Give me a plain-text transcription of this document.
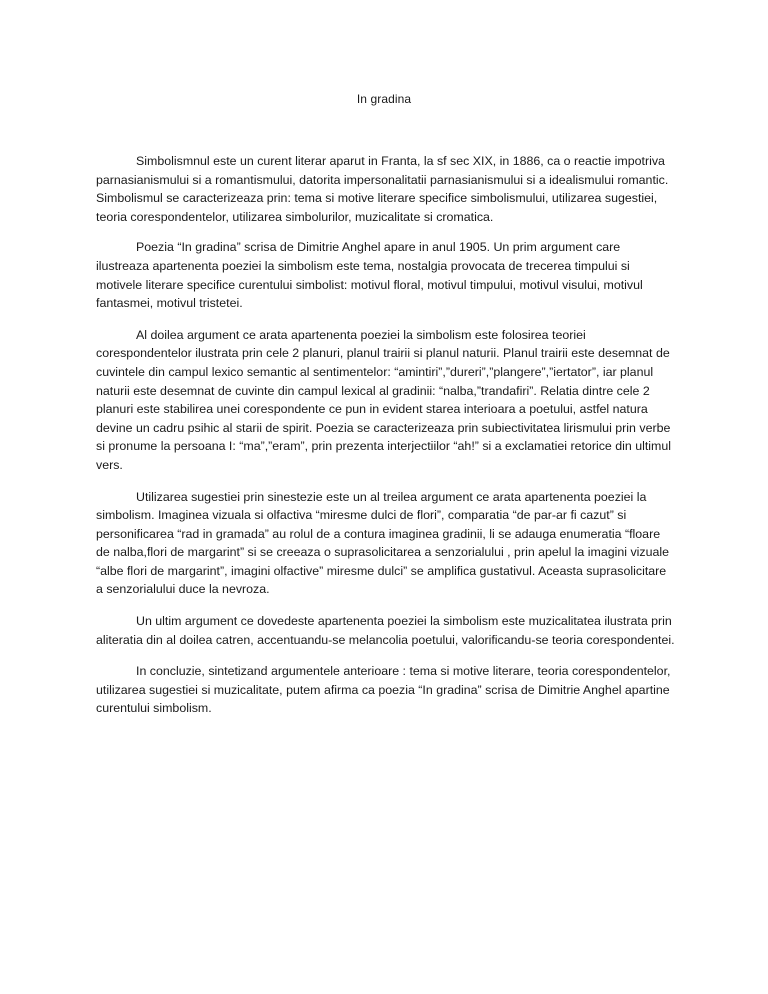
In gradina

Simbolismnul este un curent literar aparut in Franta, la sf sec XIX, in 1886, ca o reactie impotriva parnasianismului si a romantismului, datorita impersonalitatii parnasianismului si a idealismului romantic. Simbolismul se caracterizeaza prin: tema si motive literare specifice simbolismului, utilizarea sugestiei, teoria corespondentelor, utilizarea simbolurilor, muzicalitate si cromatica.

Poezia “In gradina” scrisa de Dimitrie Anghel apare in anul 1905. Un prim argument care ilustreaza apartenenta poeziei la simbolism este tema, nostalgia provocata de trecerea timpului si motivele literare specifice curentului simbolist: motivul floral, motivul timpului, motivul visului, motivul fantasmei, motivul tristetei.

Al doilea argument ce arata apartenenta poeziei la simbolism este folosirea teoriei corespondentelor ilustrata prin cele 2 planuri, planul trairii si planul naturii. Planul trairii este desemnat de cuvintele din campul lexico semantic al sentimentelor: “amintiri”,”dureri”,”plangere”,”iertator”, iar planul naturii este desemnat de cuvinte din campul lexical al gradinii: “nalba,”trandafiri”. Relatia dintre cele 2 planuri este stabilirea unei corespondente ce pun in evident starea interioara a poetului, astfel natura devine un cadru psihic al starii de spirit. Poezia se caracterizeaza prin subiectivitatea lirismului prin verbe si pronume la persoana I: “ma”,”eram”, prin prezenta interjectiilor “ah!” si a exclamatiei retorice din ultimul vers.

Utilizarea sugestiei prin sinestezie este un al treilea argument ce arata apartenenta poeziei la simbolism. Imaginea vizuala si olfactiva “miresme dulci de flori”, comparatia “de par-ar fi cazut” si personificarea “rad in gramada” au rolul de a contura imaginea gradinii, li se adauga enumeratia “floare de nalba,flori de margarint” si se creeaza o suprasolicitarea a senzorialului , prin apelul la imagini vizuale “albe flori de margarint”, imagini olfactive” miresme dulci” se amplifica gustativul. Aceasta suprasolicitare a senzorialului duce la nevroza.

Un ultim argument ce dovedeste apartenenta poeziei la simbolism este muzicalitatea ilustrata prin aliteratia din al doilea catren, accentuandu-se melancolia poetului, valorificandu-se teoria corespondentei.

In concluzie, sintetizand argumentele anterioare : tema si motive literare, teoria corespondentelor, utilizarea sugestiei si muzicalitate, putem afirma ca poezia “In gradina” scrisa de Dimitrie Anghel apartine curentului simbolism.
